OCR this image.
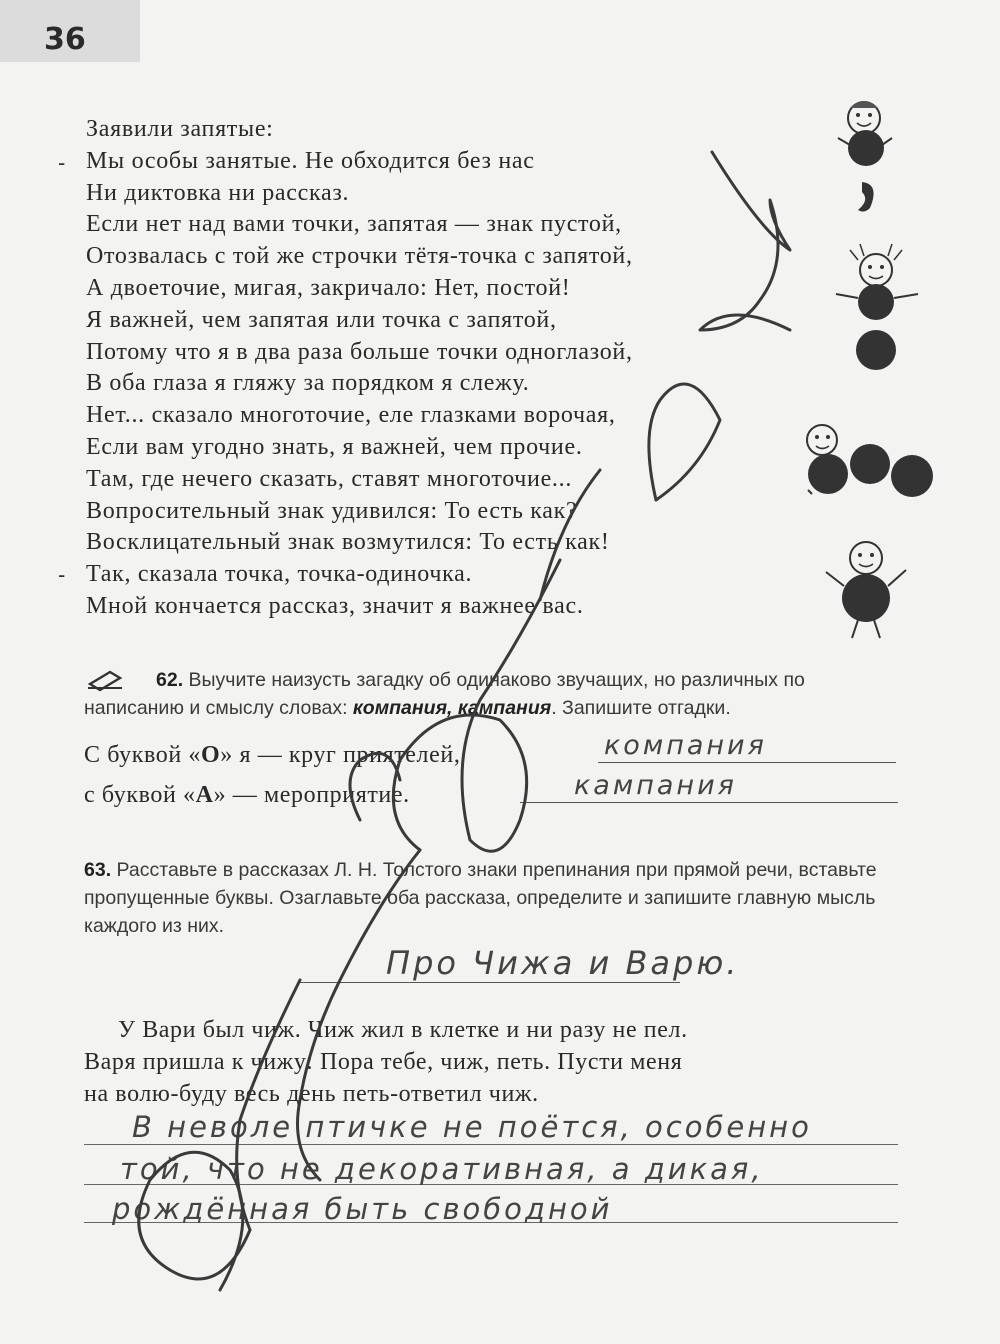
36
-
-
Заявили запятые:
Мы особы занятые. Не обходится без нас
Ни диктовка ни рассказ.
Если нет над вами точки, запятая — знак пустой,
Отозвалась с той же строчки тётя-точка с запятой,
А двоеточие, мигая, закричало: Нет, постой!
Я важней, чем запятая или точка с запятой,
Потому что я в два раза больше точки одноглазой,
В оба глаза я гляжу за порядком я слежу.
Нет... сказало многоточие, еле глазками ворочая,
Если вам угодно знать, я важней, чем прочие.
Там, где нечего сказать, ставят многоточие...
Вопросительный знак удивился: То есть как?
Восклицательный знак возмутился: То есть как!
Так, сказала точка, точка-одиночка.
Мной кончается рассказ, значит я важнее вас.
62. Выучите наизусть загадку об одинаково звучащих, но различных по написанию и смыслу словах: компания, кампания. Запишите отгадки.
С буквой «О» я — круг приятелей,	компания
с буквой «А» — мероприятие.	кампания
63. Расставьте в рассказах Л. Н. Толстого знаки препинания при прямой речи, вставьте пропущенные буквы. Озаглавьте оба рассказа, определите и запишите главную мысль каждого из них.
Про Чижа и Варю.
У Вари был чиж. Чиж жил в клетке и ни разу не пел.
Варя пришла к чижу: Пора тебе, чиж, петь. Пусти меня
на волю-буду весь день петь-ответил чиж.
В неволе птичке не поётся, особенно
той, что не декоративная, а дикая,
рождённая быть свободной
